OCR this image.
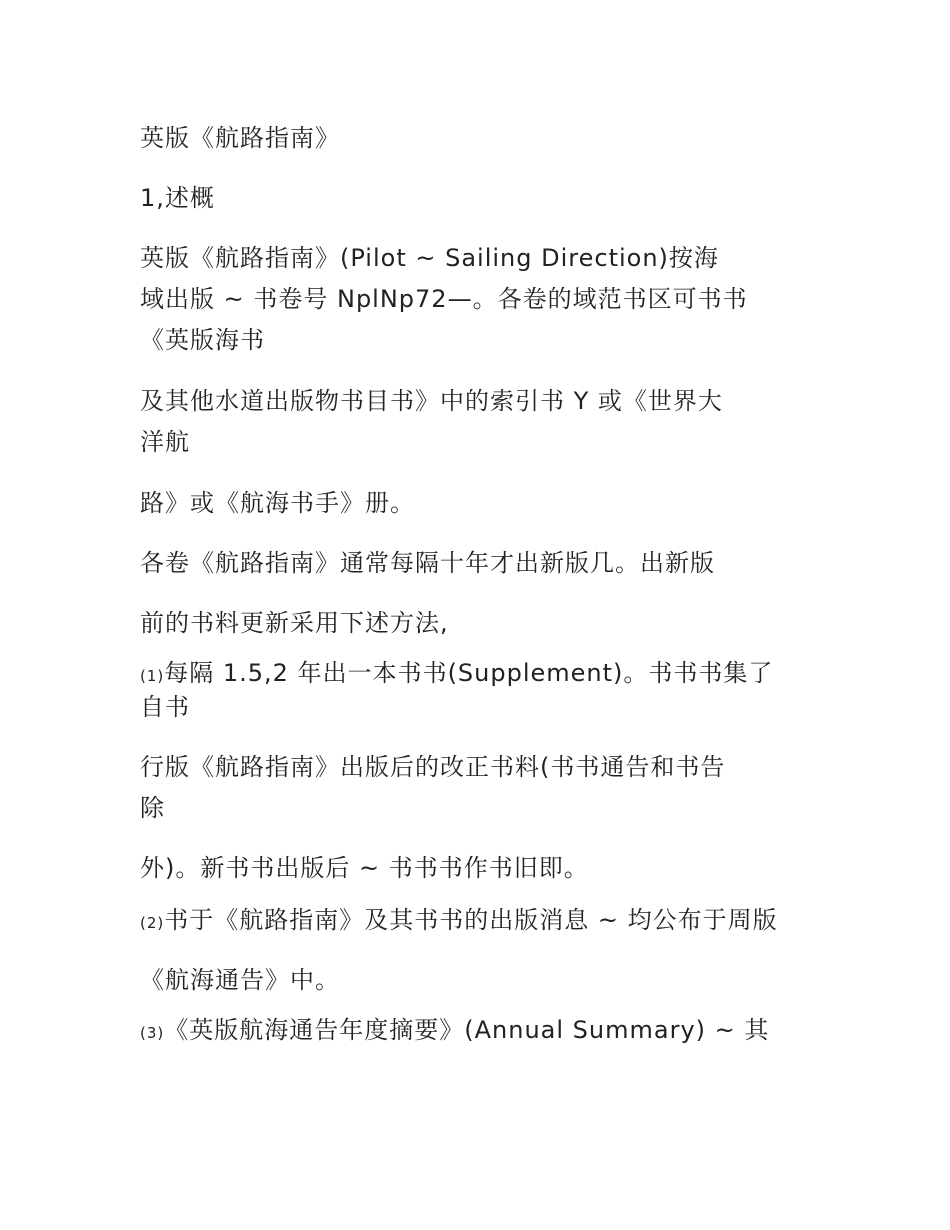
英版《航路指南》
1,述概
英版《航路指南》(Pilot ~ Sailing Direction)按海
域出版 ~ 书卷号 NplNp72—。各卷的域范书区可书书
《英版海书
及其他水道出版物书目书》中的索引书 Y 或《世界大
洋航
路》或《航海书手》册。
各卷《航路指南》通常每隔十年才出新版几。出新版
前的书料更新采用下述方法,
(1)每隔 1.5,2 年出一本书书(Supplement)。书书书集了
自书
行版《航路指南》出版后的改正书料(书书通告和书告
除
外)。新书书出版后 ~ 书书书作书旧即。
(2)书于《航路指南》及其书书的出版消息 ~ 均公布于周版
《航海通告》中。
(3)《英版航海通告年度摘要》(Annual Summary) ~ 其
